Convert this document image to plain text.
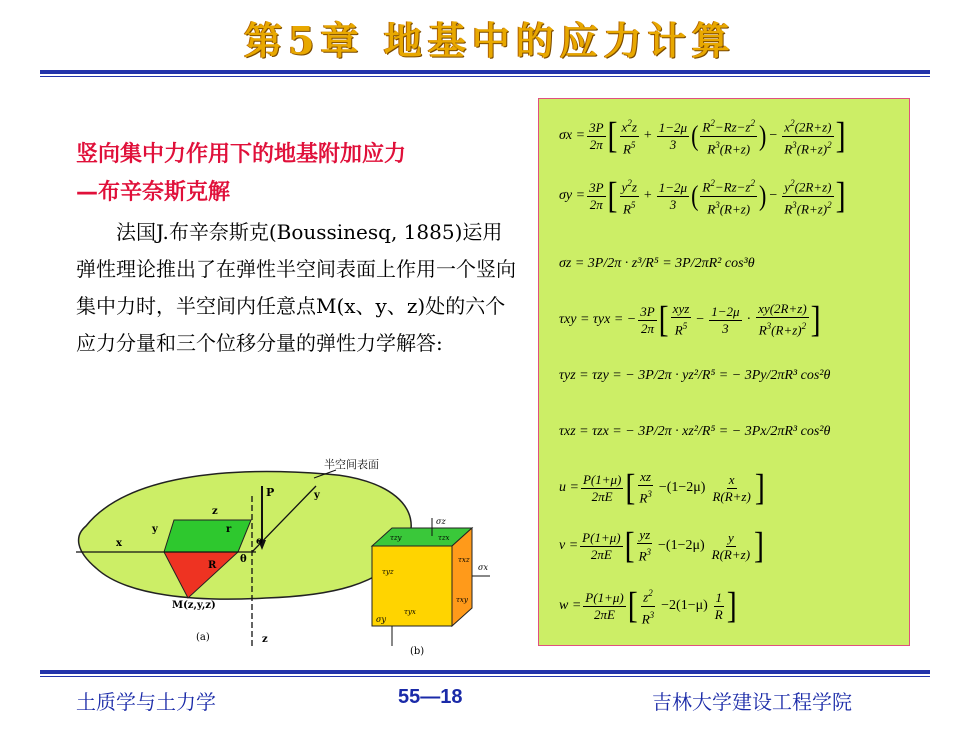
第5章 地基中的应力计算
竖向集中力作用下的地基附加应力
—布辛奈斯克解
法国J.布辛奈斯克(Boussinesq, 1885)运用弹性理论推出了在弹性半空间表面上作用一个竖向集中力时，半空间内任意点M(x、y、z)处的六个应力分量和三个位移分量的弹性力学解答:
半空间表面
P	y
z
x
y	r
R
θ
o
z
M(z,y,z)
(a)
σz
τzx
τzy
τyz
τxz
σx
τyx
τxy
σy
(b)
$\sigma x = \frac{3P}{2\pi}$ [ $\frac{x^2z}{R^5} + \frac{1-2\mu}{3}$ ( $\frac{R^2-Rz-z^2}{R^3(R+z)}$ ) − $\frac{x^2(2R+z)}{R^3(R+z)^2}$ ]
$\sigma y = \frac{3P}{2\pi}$ [ $\frac{y^2z}{R^5} + \frac{1-2\mu}{3}$ ( $\frac{R^2-Rz-z^2}{R^3(R+z)}$ ) − $\frac{y^2(2R+z)}{R^3(R+z)^2}$ ]
σz = 3P/2π · z³/R⁵ = 3P/2πR² cos³θ
τxy = τyx = − $\frac{3P}{2\pi}$ [ $\frac{\text{xyz}}{R^5} - \frac{1-2\mu}{3} \cdot \frac{xy(2R+z)}{R^3(R+z)^2}$ ]
τyz = τzy = − 3P/2π · yz²/R⁵ = − 3Py/2πR³ cos²θ
τxz = τzx = − 3P/2π · xz²/R⁵ = − 3Px/2πR³ cos²θ
$u = \frac{P(1+\mu)}{2\pi E}$ [ $\frac{xz}{R^3} -(1-2\mu) \frac{x}{R(R+z)}$ ]
$v = \frac{P(1+\mu)}{2\pi E}$ [ $\frac{yz}{R^3} -(1-2\mu) \frac{y}{R(R+z)}$ ]
$w = \frac{P(1+\mu)}{2\pi E}$ [ $\frac{z^2}{R^3} -2(1-\mu) \frac{1}{R}$ ]
土质学与土力学	55—18	吉林大学建设工程学院
